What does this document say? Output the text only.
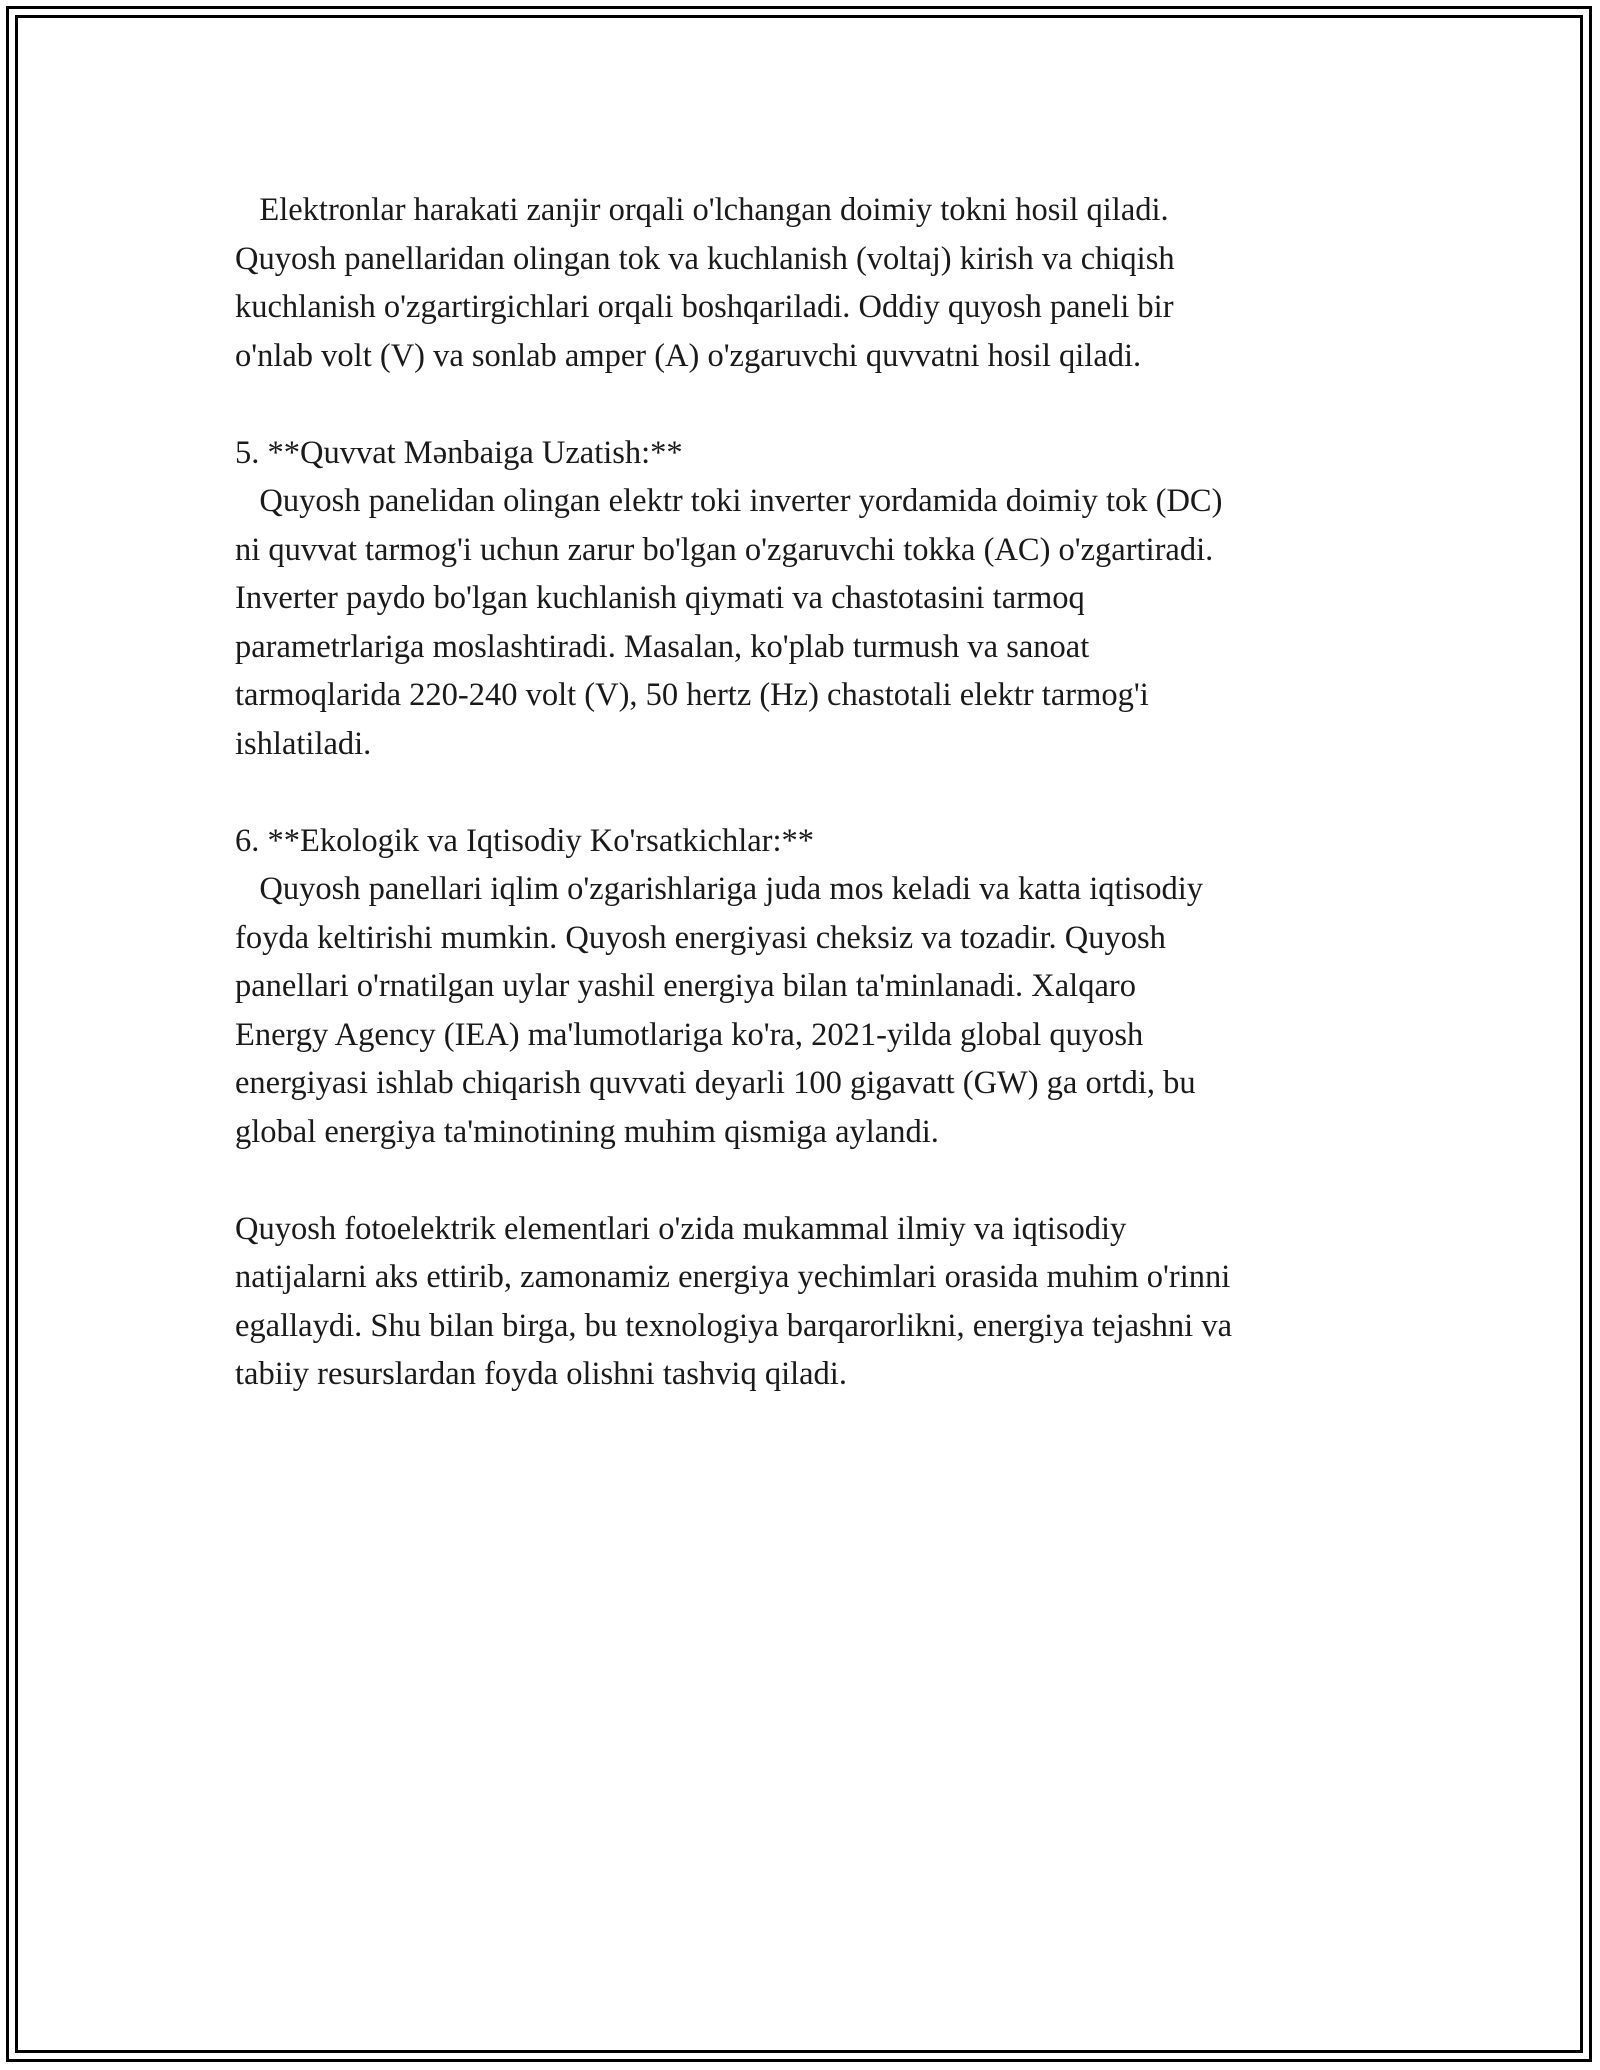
Elektronlar harakati zanjir orqali o'lchangan doimiy tokni hosil qiladi.
Quyosh panellaridan olingan tok va kuchlanish (voltaj) kirish va chiqish
kuchlanish o'zgartirgichlari orqali boshqariladi. Oddiy quyosh paneli bir
o'nlab volt (V) va sonlab amper (A) o'zgaruvchi quvvatni hosil qiladi.
5. **Quvvat Mənbaiga Uzatish:**
Quyosh panelidan olingan elektr toki inverter yordamida doimiy tok (DC)
ni quvvat tarmog'i uchun zarur bo'lgan o'zgaruvchi tokka (AC) o'zgartiradi.
Inverter paydo bo'lgan kuchlanish qiymati va chastotasini tarmoq
parametrlariga moslashtiradi. Masalan, ko'plab turmush va sanoat
tarmoqlarida 220-240 volt (V), 50 hertz (Hz) chastotali elektr tarmog'i
ishlatiladi.
6. **Ekologik va Iqtisodiy Ko'rsatkichlar:**
Quyosh panellari iqlim o'zgarishlariga juda mos keladi va katta iqtisodiy
foyda keltirishi mumkin. Quyosh energiyasi cheksiz va tozadir. Quyosh
panellari o'rnatilgan uylar yashil energiya bilan ta'minlanadi. Xalqaro
Energy Agency (IEA) ma'lumotlariga ko'ra, 2021-yilda global quyosh
energiyasi ishlab chiqarish quvvati deyarli 100 gigavatt (GW) ga ortdi, bu
global energiya ta'minotining muhim qismiga aylandi.
Quyosh fotoelektrik elementlari o'zida mukammal ilmiy va iqtisodiy
natijalarni aks ettirib, zamonamiz energiya yechimlari orasida muhim o'rinni
egallaydi. Shu bilan birga, bu texnologiya barqarorlikni, energiya tejashni va
tabiiy resurslardan foyda olishni tashviq qiladi.
